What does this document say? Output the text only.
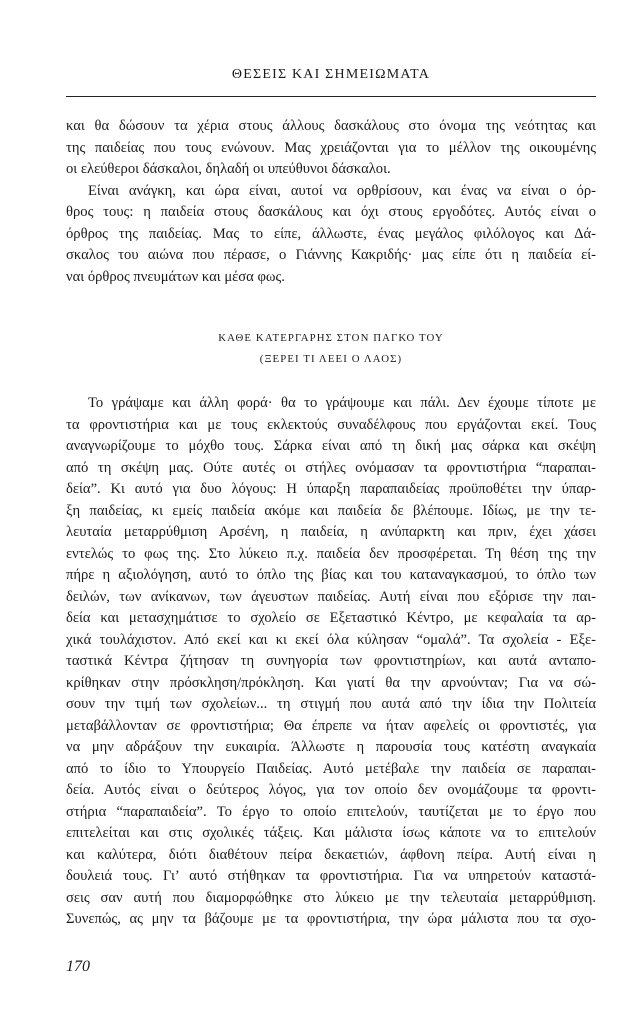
ΘΕΣΕΙΣ ΚΑΙ ΣΗΜΕΙΩΜΑΤΑ
και θα δώσουν τα χέρια στους άλλους δασκάλους στο όνομα της νεότητας και
της παιδείας που τους ενώνουν. Μας χρειάζονται για το μέλλον της οικουμένης
οι ελεύθεροι δάσκαλοι, δηλαδή οι υπεύθυνοι δάσκαλοι.
Είναι ανάγκη, και ώρα είναι, αυτοί να ορθρίσουν, και ένας να είναι ο όρ-
θρος τους: η παιδεία στους δασκάλους και όχι στους εργοδότες. Αυτός είναι ο
όρθρος της παιδείας. Μας το είπε, άλλωστε, ένας μεγάλος φιλόλογος και Δά-
σκαλος του αιώνα που πέρασε, ο Γιάννης Κακριδής· μας είπε ότι η παιδεία εί-
ναι όρθρος πνευμάτων και μέσα φως.
ΚΑΘΕ ΚΑΤΕΡΓΑΡΗΣ ΣΤΟΝ ΠΑΓΚΟ ΤΟΥ
(ΞΕΡΕΙ ΤΙ ΛΕΕΙ Ο ΛΑΟΣ)
Το γράψαμε και άλλη φορά· θα το γράψουμε και πάλι. Δεν έχουμε τίποτε με
τα φροντιστήρια και με τους εκλεκτούς συναδέλφους που εργάζονται εκεί. Τους
αναγνωρίζουμε το μόχθο τους. Σάρκα είναι από τη δική μας σάρκα και σκέψη
από τη σκέψη μας. Ούτε αυτές οι στήλες ονόμασαν τα φροντιστήρια “παραπαι-
δεία”. Κι αυτό για δυο λόγους: Η ύπαρξη παραπαιδείας προϋποθέτει την ύπαρ-
ξη παιδείας, κι εμείς παιδεία ακόμε και παιδεία δε βλέπουμε. Ιδίως, με την τε-
λευταία μεταρρύθμιση Αρσένη, η παιδεία, η ανύπαρκτη και πριν, έχει χάσει
εντελώς το φως της. Στο λύκειο π.χ. παιδεία δεν προσφέρεται. Τη θέση της την
πήρε η αξιολόγηση, αυτό το όπλο της βίας και του καταναγκασμού, το όπλο των
δειλών, των ανίκανων, των άγευστων παιδείας. Αυτή είναι που εξόρισε την παι-
δεία και μετασχημάτισε το σχολείο σε Εξεταστικό Κέντρο, με κεφαλαία τα αρ-
χικά τουλάχιστον. Από εκεί και κι εκεί όλα κύλησαν “ομαλά”. Τα σχολεία - Εξε-
ταστικά Κέντρα ζήτησαν τη συνηγορία των φροντιστηρίων, και αυτά ανταπο-
κρίθηκαν στην πρόσκληση/πρόκληση. Και γιατί θα την αρνούνταν; Για να σώ-
σουν την τιμή των σχολείων... τη στιγμή που αυτά από την ίδια την Πολιτεία
μεταβάλλονταν σε φροντιστήρια; Θα έπρεπε να ήταν αφελείς οι φροντιστές, για
να μην αδράξουν την ευκαιρία. Άλλωστε η παρουσία τους κατέστη αναγκαία
από το ίδιο το Υπουργείο Παιδείας. Αυτό μετέβαλε την παιδεία σε παραπαι-
δεία. Αυτός είναι ο δεύτερος λόγος, για τον οποίο δεν ονομάζουμε τα φροντι-
στήρια “παραπαιδεία”. Το έργο το οποίο επιτελούν, ταυτίζεται με το έργο που
επιτελείται και στις σχολικές τάξεις. Και μάλιστα ίσως κάποτε να το επιτελούν
και καλύτερα, διότι διαθέτουν πείρα δεκαετιών, άφθονη πείρα. Αυτή είναι η
δουλειά τους. Γι’ αυτό στήθηκαν τα φροντιστήρια. Για να υπηρετούν καταστά-
σεις σαν αυτή που διαμορφώθηκε στο λύκειο με την τελευταία μεταρρύθμιση.
Συνεπώς, ας μην τα βάζουμε με τα φροντιστήρια, την ώρα μάλιστα που τα σχο-
170
